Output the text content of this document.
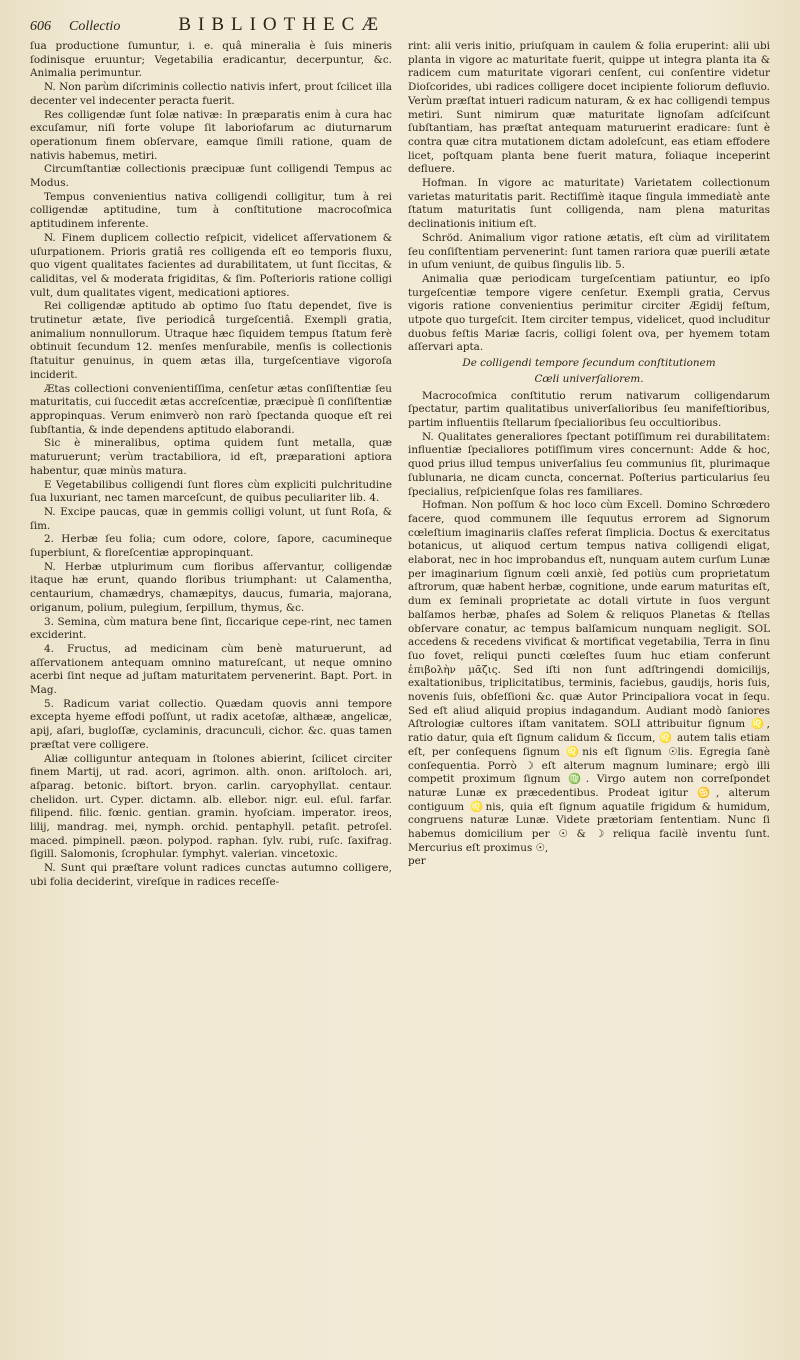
606 Collectio	BIBLIOTHECÆ

ſua productione ſumuntur, i. e. quâ mineralia è ſuis mineris ſodinisque eruuntur; Vegetabilia eradicantur, decerpuntur, &c. Animalia perimuntur.

N. Non parùm diſcriminis collectio nativis infert, prout ſcilicet illa decenter vel indecenter peracta fuerit.

Res colligendæ ſunt ſolæ nativæ: In præparatis enim à cura hac excuſamur, niſi forte volupe ſit laboriofarum ac diuturnarum operationum finem obſervare, eamque ſimili ratione, quam de nativis habemus, metiri.

Circumſtantiæ collectionis præcipuæ ſunt colligendi Tempus ac Modus.

Tempus convenientius nativa colligendi colligitur, tum à rei colligendæ aptitudine, tum à conſtitutione macrocoſmica aptitudinem inferente.

N. Finem duplicem collectio reſpicit, videlicet aſſervationem & uſurpationem. Prioris gratiâ res colligenda eſt eo temporis fluxu, quo vigent qualitates facientes ad durabilitatem, ut ſunt ſiccitas, & caliditas, vel & moderata frigiditas, & ſim. Poſterioris ratione colligi vult, dum qualitates vigent, medicationi aptiores.

Rei colligendæ aptitudo ab optimo ſuo ſtatu dependet, ſive is trutinetur ætate, ſive periodicâ turgeſcentiâ. Exempli gratia, animalium nonnullorum. Utraque hæc ſiquidem tempus ſtatum ferè obtinuit ſecundum 12. menſes menſurabile, menſis is collectionis ſtatuitur genuinus, in quem ætas illa, turgeſcentiave vigoroſa inciderit.

Ætas collectioni convenientiſſima, cenſetur ætas conſiſtentiæ ſeu maturitatis, cui ſuccedit ætas accreſcentiæ, præcipuè ſi conſiſtentiæ appropinquas. Verum enimverò non rarò ſpectanda quoque eſt rei ſubſtantia, & inde dependens aptitudo elaborandi.

Sic è mineralibus, optima quidem ſunt metalla, quæ maturuerunt; verùm tractabiliora, id eſt, præparationi aptiora habentur, quæ minùs matura.

E Vegetabilibus colligendi ſunt flores cùm expliciti pulchritudine ſua luxuriant, nec tamen marceſcunt, de quibus peculiariter lib. 4.

N. Excipe paucas, quæ in gemmis colligi volunt, ut ſunt Roſa, & ſim.

2. Herbæ ſeu folia; cum odore, colore, ſapore, cacumineque ſuperbiunt, & floreſcentiæ appropinquant.

N. Herbæ utplurimum cum floribus aſſervantur, colligendæ itaque hæ erunt, quando floribus triumphant: ut Calamentha, centaurium, chamædrys, chamæpitys, daucus, fumaria, majorana, origanum, polium, pulegium, ſerpillum, thymus, &c.

3. Semina, cùm matura bene ſint, ſiccarique cepe-rint, nec tamen exciderint.

4. Fructus, ad medicinam cùm benè maturuerunt, ad aſſervationem antequam omnino matureſcant, ut neque omnino acerbi ſint neque ad juſtam maturitatem pervenerint. Bapt. Port. in Mag.

5. Radicum variat collectio. Quædam quovis anni tempore excepta hyeme effodi poſſunt, ut radix acetoſæ, althææ, angelicæ, apij, aſari, bugloſſæ, cyclaminis, dracunculi, cichor. &c. quas tamen præſtat vere colligere.

Aliæ colliguntur antequam in ſtolones abierint, ſcilicet circiter finem Martij, ut rad. acori, agrimon. alth. onon. ariſtoloch. ari, aſparag. betonic. biſtort. bryon. carlin. caryophyllat. centaur. chelidon. urt. Cyper. dictamn. alb. ellebor. nigr. eul. eſul. farfar. filipend. filic. fœnic. gentian. gramin. hyoſciam. imperator. ireos, lilij, mandrag. mei, nymph. orchid. pentaphyll. petaſit. petroſel. maced. pimpinell. pæon. polypod. raphan. ſylv. rubi, ruſc. ſaxifrag. ſigill. Salomonis, ſcrophular. ſymphyt. valerian. vincetoxic.

N. Sunt qui præſtare volunt radices cunctas autumno colligere, ubi folia deciderint, vireſque in radices receſſe-

rint: alii veris initio, priuſquam in caulem & folia eruperint: alii ubi planta in vigore ac maturitate fuerit, quippe ut integra planta ita & radicem cum maturitate vigorari cenſent, cui conſentire videtur Dioſcorides, ubi radices colligere docet incipiente foliorum defluvio. Verùm præſtat intueri radicum naturam, & ex hac colligendi tempus metiri. Sunt nimirum quæ maturitate lignoſam adſciſcunt ſubſtantiam, has præſtat antequam maturuerint eradicare: ſunt è contra quæ citra mutationem dictam adoleſcunt, eas etiam effodere licet, poſtquam planta bene fuerit matura, foliaque inceperint defluere.

Hofman. In vigore ac maturitate) Varietatem collectionum varietas maturitatis parit. Rectiſſimè itaque ſingula immediatè ante ſtatum maturitatis ſunt colligenda, nam plena maturitas declinationis initium eſt.

Schröd. Animalium vigor ratione ætatis, eſt cùm ad virilitatem ſeu conſiſtentiam pervenerint: ſunt tamen rariora quæ puerili ætate in uſum veniunt, de quibus ſingulis lib. 5.

Animalia quæ periodicam turgeſcentiam patiuntur, eo ipſo turgeſcentiæ tempore vigere cenſetur. Exempli gratia, Cervus vigoris ratione convenientius perimitur circiter Ægidij feſtum, utpote quo turgeſcit. Item circiter tempus, videlicet, quod includitur duobus feſtis Mariæ ſacris, colligi ſolent ova, per hyemem totam aſſervari apta.

De colligendi tempore ſecundum conſtitutionem

Cœli univerſaliorem.

Macrocoſmica conſtitutio rerum nativarum colligendarum ſpectatur, partim qualitatibus univerſalioribus ſeu manifeſtioribus, partim influentiis ſtellarum ſpecialioribus ſeu occultioribus.

N. Qualitates generaliores ſpectant potiſſimum rei durabilitatem: influentiæ ſpecialiores potiſſimum vires concernunt: Adde & hoc, quod prius illud tempus univerſalius ſeu communius ſit, plurimaque ſublunaria, ne dicam cuncta, concernat. Poſterius particularius ſeu ſpecialius, reſpicienſque ſolas res familiares.

Hofman. Non poſſum & hoc loco cùm Excell. Domino Schrœdero facere, quod communem ille ſequutus errorem ad Signorum cœleſtium imaginariis claſſes referat ſimplicia. Doctus & exercitatus botanicus, ut aliquod certum tempus nativa colligendi eligat, elaborat, nec in hoc improbandus eſt, nunquam autem curſum Lunæ per imaginarium ſignum cœli anxiè, ſed potiùs cum proprietatum aſtrorum, quæ habent herbæ, cognitione, unde earum maturitas eſt, dum ex ſeminali proprietate ac dotali virtute in ſuos vergunt balſamos herbæ, phaſes ad Solem & reliquos Planetas & ſtellas obſervare conatur, ac tempus balſamicum nunquam negligit. SOL accedens & recedens vivificat & mortificat vegetabilia, Terra in ſinu ſuo fovet, reliqui puncti cœleſtes ſuum huc etiam conferunt ἐπιβολὴν μᾶζις. Sed iſti non ſunt adſtringendi domicilijs, exaltationibus, triplicitatibus, terminis, faciebus, gaudijs, horis ſuis, novenis ſuis, obſeſſioni &c. quæ Autor Principaliora vocat in ſequ. Sed eſt aliud aliquid propius indagandum. Audiant modò ſaniores Aſtrologiæ cultores iſtam vanitatem. SOLI attribuitur ſignum ♌, ratio datur, quia eſt ſignum calidum & ſiccum, ♌ autem talis etiam eſt, per conſequens ſignum ♌nis eſt ſignum ☉lis. Egregia ſanè conſequentia. Porrò ☽ eſt alterum magnum luminare; ergò illi competit proximum ſignum ♍. Virgo autem non correſpondet naturæ Lunæ ex præcedentibus. Prodeat igitur ♋, alterum contiguum ♌nis, quia eſt ſignum aquatile frigidum & humidum, congruens naturæ Lunæ. Videte prætoriam ſententiam. Nunc ſi habemus domicilium per ☉ & ☽ reliqua facilè inventu ſunt. Mercurius eſt proximus ☉,

per
